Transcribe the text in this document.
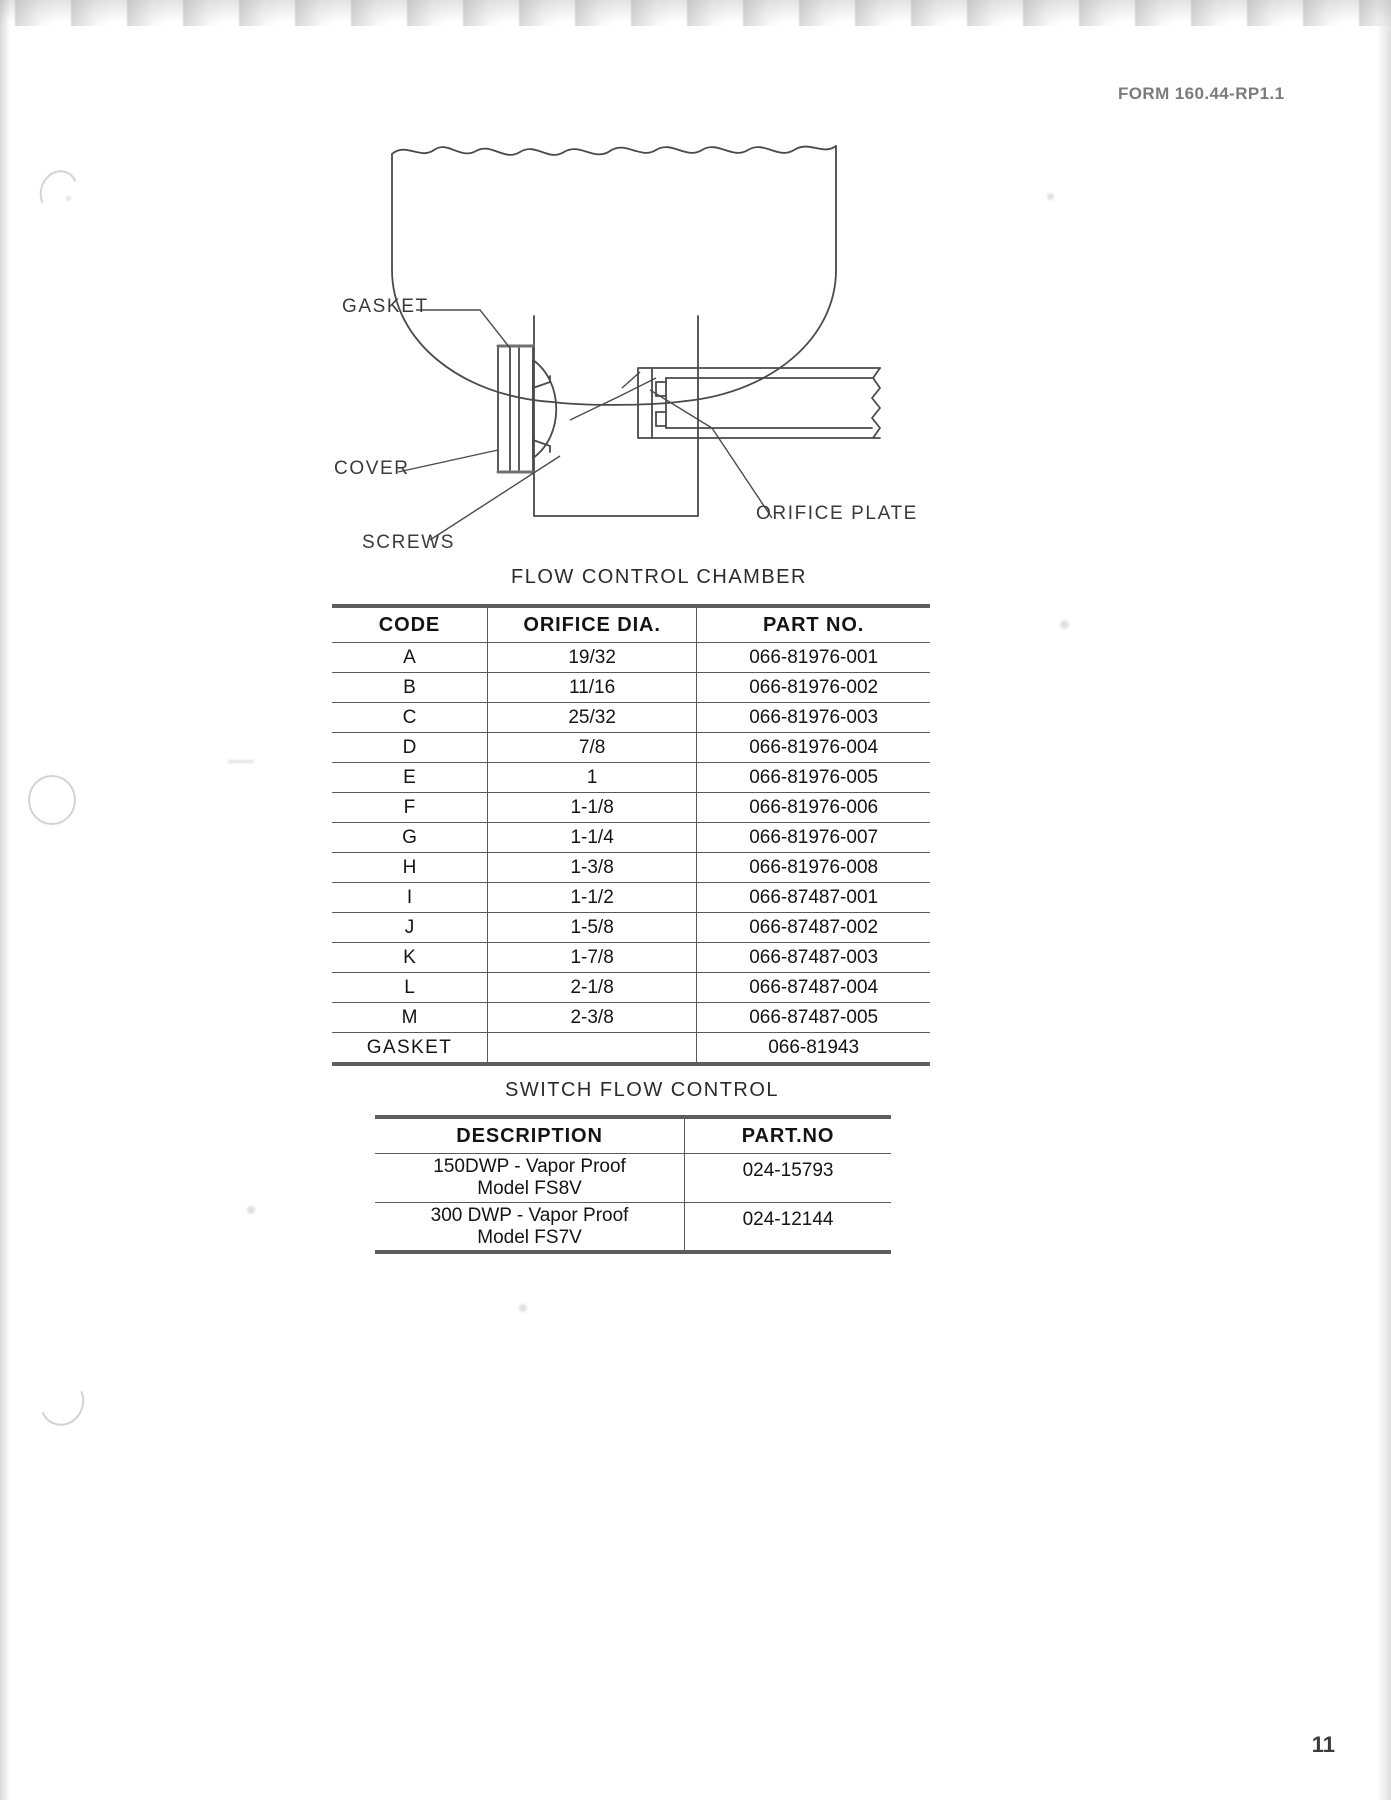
FORM 160.44-RP1.1
GASKET
COVER
SCREWS
ORIFICE PLATE
FLOW CONTROL CHAMBER
CODE	ORIFICE DIA.	PART NO.
A	19/32	066-81976-001
B	11/16	066-81976-002
C	25/32	066-81976-003
D	7/8	066-81976-004
E	1	066-81976-005
F	1-1/8	066-81976-006
G	1-1/4	066-81976-007
H	1-3/8	066-81976-008
I	1-1/2	066-87487-001
J	1-5/8	066-87487-002
K	1-7/8	066-87487-003
L	2-1/8	066-87487-004
M	2-3/8	066-87487-005
GASKET		066-81943
SWITCH FLOW CONTROL
DESCRIPTION	PART.NO

150DWP - Vapor Proof
Model FS8V	024-15793

300 DWP - Vapor Proof
Model FS7V	024-12144
11
